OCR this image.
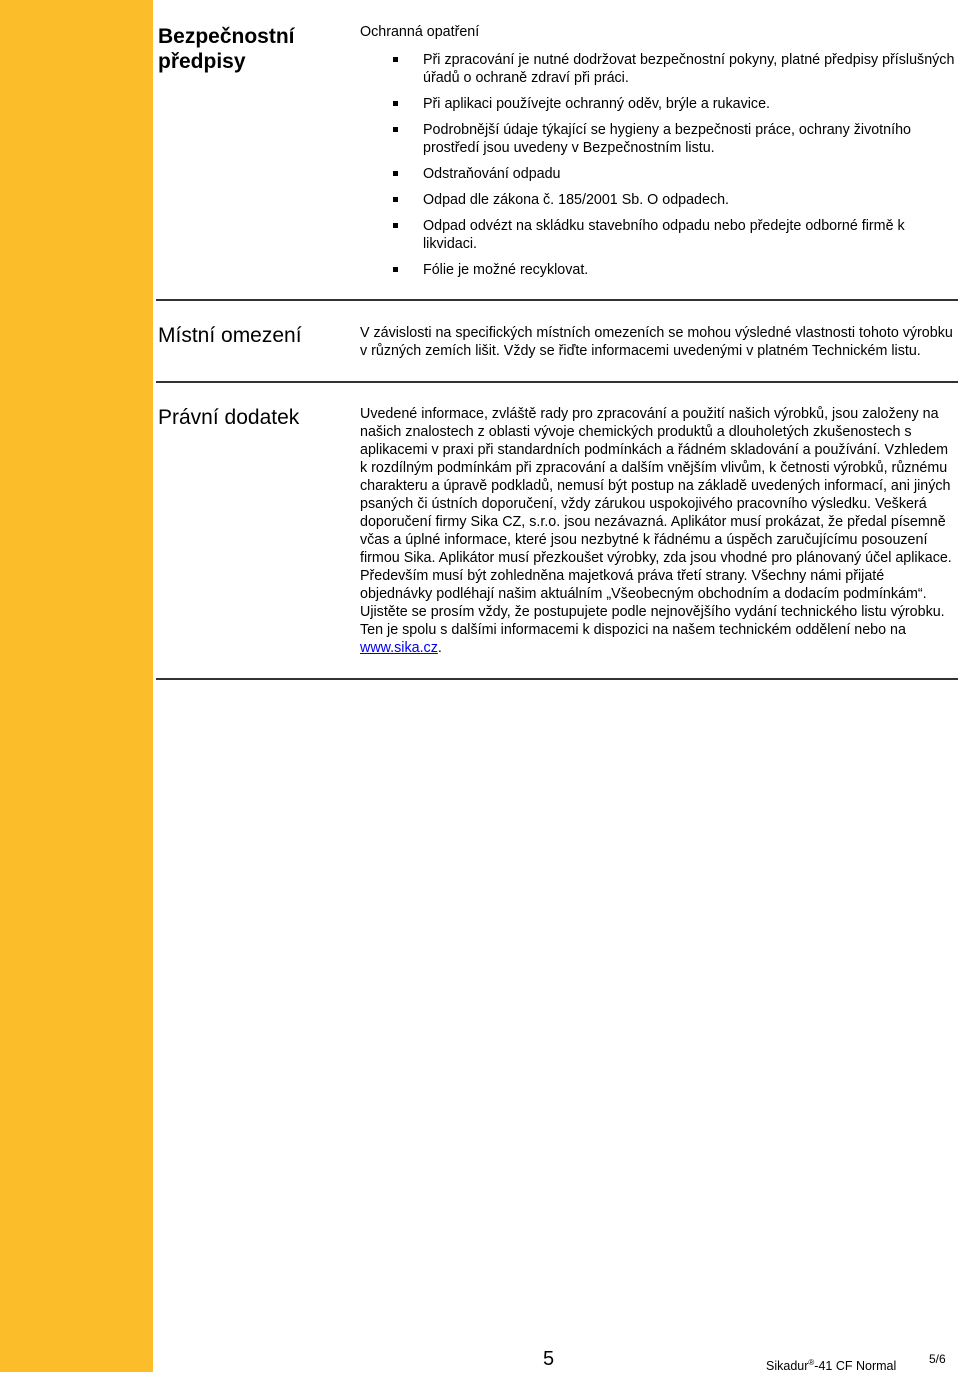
Bezpečnostní předpisy
Ochranná opatření
Při zpracování je nutné dodržovat bezpečnostní pokyny, platné předpisy příslušných úřadů o ochraně zdraví při práci.
Při aplikaci používejte ochranný oděv, brýle a rukavice.
Podrobnější údaje týkající se hygieny a bezpečnosti práce, ochrany životního prostředí jsou uvedeny v Bezpečnostním listu.
Odstraňování odpadu
Odpad dle zákona č. 185/2001 Sb. O odpadech.
Odpad odvézt na skládku stavebního odpadu nebo předejte odborné firmě k likvidaci.
Fólie je možné recyklovat.
Místní omezení	V závislosti na specifických místních omezeních se mohou výsledné vlastnosti tohoto výrobku v různých zemích lišit. Vždy se řiďte informacemi uvedenými v platném Technickém listu.
Právní dodatek	Uvedené informace, zvláště rady pro zpracování a použití našich výrobků, jsou založeny na našich znalostech z oblasti vývoje chemických produktů a dlouholetých zkušenostech s aplikacemi v praxi při standardních podmínkách a řádném skladování a používání. Vzhledem k rozdílným podmínkám při zpracování a dalším vnějším vlivům, k četnosti výrobků, různému charakteru a úpravě podkladů, nemusí být postup na základě uvedených informací, ani jiných psaných či ústních doporučení, vždy zárukou uspokojivého pracovního výsledku. Veškerá doporučení firmy Sika CZ, s.r.o. jsou nezávazná. Aplikátor musí prokázat, že předal písemně včas a úplné informace, které jsou nezbytné k řádnému a úspěch zaručujícímu posouzení firmou Sika. Aplikátor musí přezkoušet výrobky, zda jsou vhodné pro plánovaný účel aplikace. Především musí být zohledněna majetková práva třetí strany. Všechny námi přijaté objednávky podléhají našim aktuálním „Všeobecným obchodním a dodacím podmínkám“. Ujistěte se prosím vždy, že postupujete podle nejnovějšího vydání technického listu výrobku. Ten je spolu s dalšími informacemi k dispozici na našem technickém oddělení nebo na www.sika.cz.
5	Sikadur®-41 CF Normal	5/6
